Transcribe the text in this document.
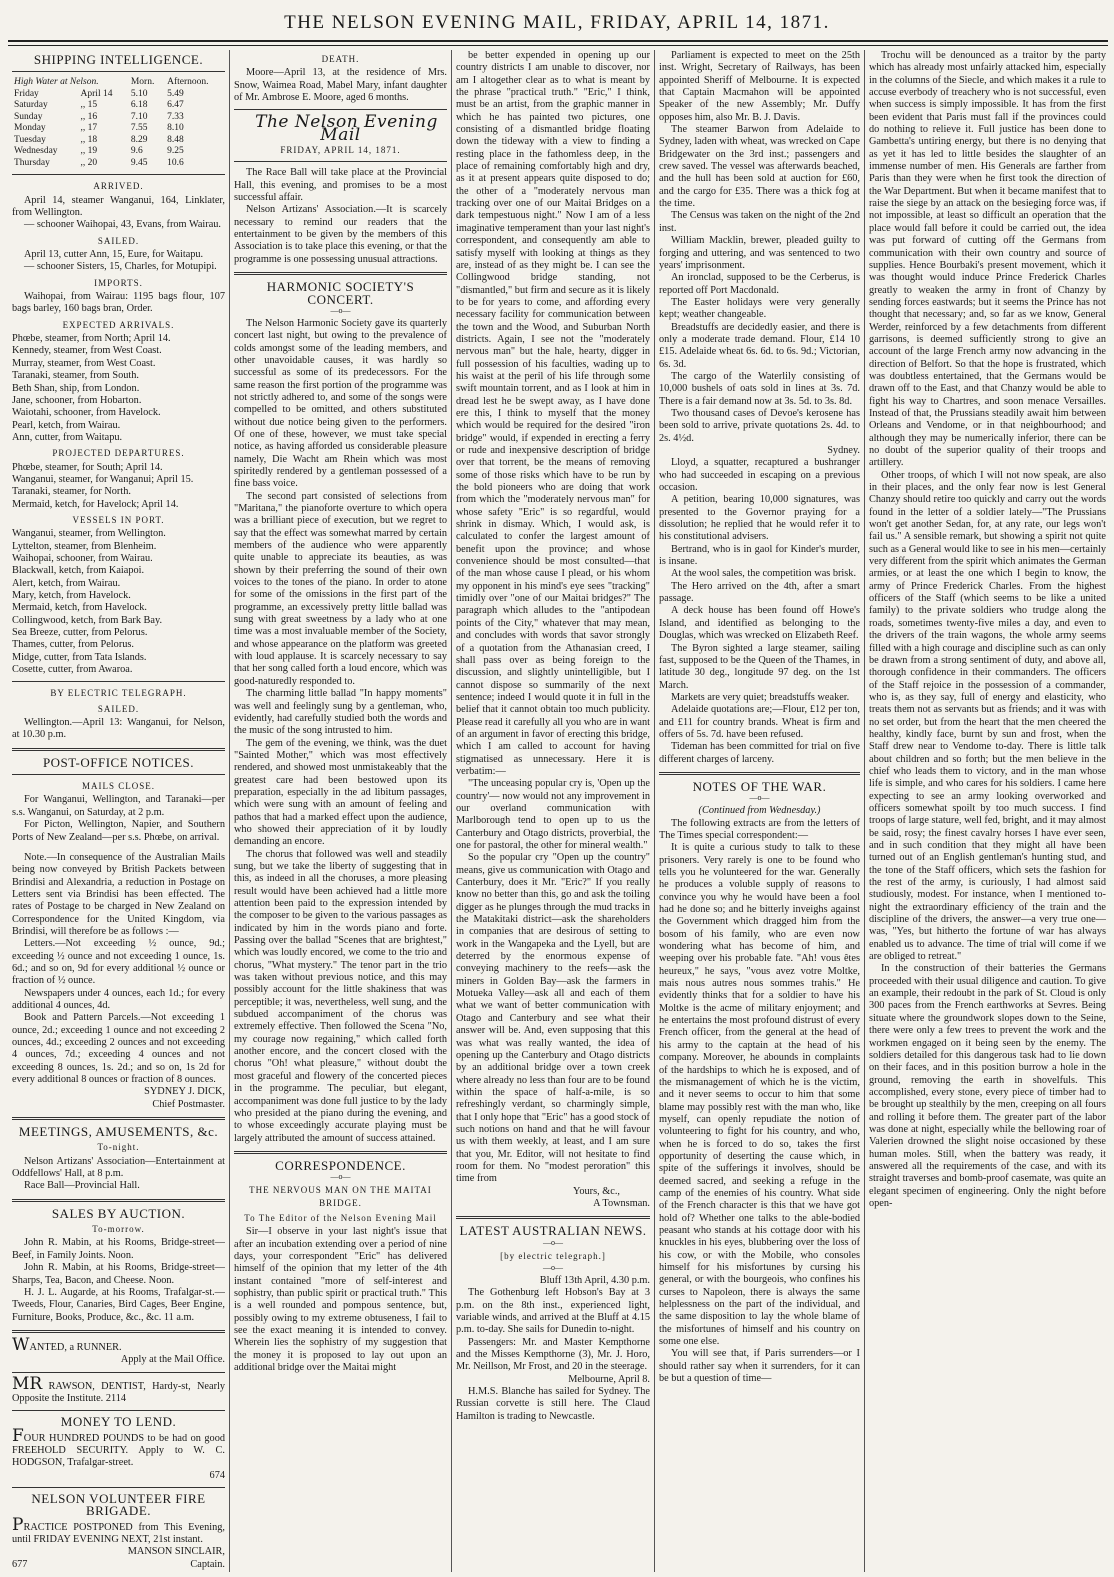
THE NELSON EVENING MAIL, FRIDAY, APRIL 14, 1871.

SHIPPING INTELLIGENCE.

High Water at Nelson.		Morn.	Afternoon.
Friday	April 14	5.10	5.49
Saturday	,, 15	6.18	6.47
Sunday	,, 16	7.10	7.33
Monday	,, 17	7.55	8.10
Tuesday	,, 18	8.29	8.48
Wednesday	,, 19	9.6	9.25
Thursday	,, 20	9.45	10.6

ARRIVED.

April 14, steamer Wanganui, 164, Linklater, from Wellington.

— schooner Waihopai, 43, Evans, from Wairau.

SAILED.

April 13, cutter Ann, 15, Eure, for Waitapu.

— schooner Sisters, 15, Charles, for Motupipi.

IMPORTS.

Waihopai, from Wairau: 1195 bags flour, 107 bags barley, 160 bags bran, Order.

EXPECTED ARRIVALS.

Phœbe, steamer, from North; April 14.

Kennedy, steamer, from West Coast.

Murray, steamer, from West Coast.

Taranaki, steamer, from South.

Beth Shan, ship, from London.

Jane, schooner, from Hobarton.

Waiotahi, schooner, from Havelock.

Pearl, ketch, from Wairau.

Ann, cutter, from Waitapu.

PROJECTED DEPARTURES.

Phœbe, steamer, for South; April 14.

Wanganui, steamer, for Wanganui; April 15.

Taranaki, steamer, for North.

Mermaid, ketch, for Havelock; April 14.

VESSELS IN PORT.

Wanganui, steamer, from Wellington.

Lyttelton, steamer, from Blenheim.

Waihopai, schooner, from Wairau.

Blackwall, ketch, from Kaiapoi.

Alert, ketch, from Wairau.

Mary, ketch, from Havelock.

Mermaid, ketch, from Havelock.

Collingwood, ketch, from Bark Bay.

Sea Breeze, cutter, from Pelorus.

Thames, cutter, from Pelorus.

Midge, cutter, from Tata Islands.

Cosette, cutter, from Awaroa.

BY ELECTRIC TELEGRAPH.

SAILED.

Wellington.—April 13: Wanganui, for Nelson, at 10.30 p.m.

POST-OFFICE NOTICES.

MAILS CLOSE.

For Wanganui, Wellington, and Taranaki—per s.s. Wanganui, on Saturday, at 2 p.m.

For Picton, Wellington, Napier, and Southern Ports of New Zealand—per s.s. Phœbe, on arrival.

Note.—In consequence of the Australian Mails being now conveyed by British Packets between Brindisi and Alexandria, a reduction in Postage on Letters sent via Brindisi has been effected. The rates of Postage to be charged in New Zealand on Correspondence for the United Kingdom, via Brindisi, will therefore be as follows :—

Letters.—Not exceeding ½ ounce, 9d.; exceeding ½ ounce and not exceeding 1 ounce, 1s. 6d.; and so on, 9d for every additional ½ ounce or fraction of ½ ounce.

Newspapers under 4 ounces, each 1d.; for every additional 4 ounces, 4d.

Book and Pattern Parcels.—Not exceeding 1 ounce, 2d.; exceeding 1 ounce and not exceeding 2 ounces, 4d.; exceeding 2 ounces and not exceeding 4 ounces, 7d.; exceeding 4 ounces and not exceeding 8 ounces, 1s. 2d.; and so on, 1s 2d for every additional 8 ounces or fraction of 8 ounces.

SYDNEY J. DICK,

Chief Postmaster.

MEETINGS, AMUSEMENTS, &c.

To-night.

Nelson Artizans' Association—Entertainment at Oddfellows' Hall, at 8 p.m.

Race Ball—Provincial Hall.

SALES BY AUCTION.

To-morrow.

John R. Mabin, at his Rooms, Bridge-street—Beef, in Family Joints. Noon.

John R. Mabin, at his Rooms, Bridge-street—Sharps, Tea, Bacon, and Cheese. Noon.

H. J. L. Augarde, at his Rooms, Trafalgar-st.—Tweeds, Flour, Canaries, Bird Cages, Beer Engine, Furniture, Books, Produce, &c., &c. 11 a.m.

WANTED, a RUNNER.

Apply at the Mail Office.

MR RAWSON, DENTIST, Hardy-st, Nearly Opposite the Institute. 2114

MONEY TO LEND.

FOUR HUNDRED POUNDS to be had on good FREEHOLD SECURITY. Apply to W. C. HODGSON, Trafalgar-street.

674

NELSON VOLUNTEER FIRE BRIGADE.

PRACTICE POSTPONED from This Evening, until FRIDAY EVENING NEXT, 21st instant.

MANSON SINCLAIR,

677	Captain.

DEATH.

Moore—April 13, at the residence of Mrs. Snow, Waimea Road, Mabel Mary, infant daughter of Mr. Ambrose E. Moore, aged 6 months.

The Nelson Evening Mail

FRIDAY, APRIL 14, 1871.

The Race Ball will take place at the Provincial Hall, this evening, and promises to be a most successful affair.

Nelson Artizans' Association.—It is scarcely necessary to remind our readers that the entertainment to be given by the members of this Association is to take place this evening, or that the programme is one possessing unusual attractions.

HARMONIC SOCIETY'S CONCERT.

—o—

The Nelson Harmonic Society gave its quarterly concert last night, but owing to the prevalence of colds amongst some of the leading members, and other unavoidable causes, it was hardly so successful as some of its predecessors. For the same reason the first portion of the programme was not strictly adhered to, and some of the songs were compelled to be omitted, and others substituted without due notice being given to the performers. Of one of these, however, we must take special notice, as having afforded us considerable pleasure namely, Die Wacht am Rhein which was most spiritedly rendered by a gentleman possessed of a fine bass voice.

The second part consisted of selections from "Maritana," the pianoforte overture to which opera was a brilliant piece of execution, but we regret to say that the effect was somewhat marred by certain members of the audience who were apparently quite unable to appreciate its beauties, as was shown by their preferring the sound of their own voices to the tones of the piano. In order to atone for some of the omissions in the first part of the programme, an excessively pretty little ballad was sung with great sweetness by a lady who at one time was a most invaluable member of the Society, and whose appearance on the platform was greeted with loud applause. It is scarcely necessary to say that her song called forth a loud encore, which was good-naturedly responded to.

The charming little ballad "In happy moments" was well and feelingly sung by a gentleman, who, evidently, had carefully studied both the words and the music of the song intrusted to him.

The gem of the evening, we think, was the duet "Sainted Mother," which was most effectively rendered, and showed most unmistakeably that the greatest care had been bestowed upon its preparation, especially in the ad libitum passages, which were sung with an amount of feeling and pathos that had a marked effect upon the audience, who showed their appreciation of it by loudly demanding an encore.

The chorus that followed was well and steadily sung, but we take the liberty of suggesting that in this, as indeed in all the choruses, a more pleasing result would have been achieved had a little more attention been paid to the expression intended by the composer to be given to the various passages as indicated by him in the words piano and forte. Passing over the ballad "Scenes that are brightest," which was loudly encored, we come to the trio and chorus, "What mystery." The tenor part in the trio was taken without previous notice, and this may possibly account for the little shakiness that was perceptible; it was, nevertheless, well sung, and the subdued accompaniment of the chorus was extremely effective. Then followed the Scena "No, my courage now regaining," which called forth another encore, and the concert closed with the chorus "Oh! what pleasure," without doubt the most graceful and flowery of the concerted pieces in the programme. The peculiar, but elegant, accompaniment was done full justice to by the lady who presided at the piano during the evening, and to whose exceedingly accurate playing must be largely attributed the amount of success attained.

CORRESPONDENCE.

—o—

THE NERVOUS MAN ON THE MAITAI BRIDGE.

To The Editor of the Nelson Evening Mail

Sir—I observe in your last night's issue that after an incubation extending over a period of nine days, your correspondent "Eric" has delivered himself of the opinion that my letter of the 4th instant contained "more of self-interest and sophistry, than public spirit or practical truth." This is a well rounded and pompous sentence, but, possibly owing to my extreme obtuseness, I fail to see the exact meaning it is intended to convey. Wherein lies the sophistry of my suggestion that the money it is proposed to lay out upon an additional bridge over the Maitai might

be better expended in opening up our country districts I am unable to discover, nor am I altogether clear as to what is meant by the phrase "practical truth." "Eric," I think, must be an artist, from the graphic manner in which he has painted two pictures, one consisting of a dismantled bridge floating down the tideway with a view to finding a resting place in the fathomless deep, in the place of remaining comfortably high and dry, as it at present appears quite disposed to do; the other of a "moderately nervous man tracking over one of our Maitai Bridges on a dark tempestuous night." Now I am of a less imaginative temperament than your last night's correspondent, and consequently am able to satisfy myself with looking at things as they are, instead of as they might be. I can see the Collingwood bridge standing, not "dismantled," but firm and secure as it is likely to be for years to come, and affording every necessary facility for communication between the town and the Wood, and Suburban North districts. Again, I see not the "moderately nervous man" but the hale, hearty, digger in full possession of his faculties, wading up to his waist at the peril of his life through some swift mountain torrent, and as I look at him in dread lest he be swept away, as I have done ere this, I think to myself that the money which would be required for the desired "iron bridge" would, if expended in erecting a ferry or rude and inexpensive description of bridge over that torrent, be the means of removing some of those risks which have to be run by the bold pioneers who are doing that work from which the "moderately nervous man" for whose safety "Eric" is so regardful, would shrink in dismay. Which, I would ask, is calculated to confer the largest amount of benefit upon the province; and whose convenience should be most consulted—that of the man whose cause I plead, or his whom my opponent in his mind's eye sees "tracking" timidly over "one of our Maitai bridges?" The paragraph which alludes to the "antipodean points of the City," whatever that may mean, and concludes with words that savor strongly of a quotation from the Athanasian creed, I shall pass over as being foreign to the discussion, and slightly unintelligible, but I cannot dispose so summarily of the next sentence; indeed I would quote it in full in the belief that it cannot obtain too much publicity. Please read it carefully all you who are in want of an argument in favor of erecting this bridge, which I am called to account for having stigmatised as unnecessary. Here it is verbatim:—

"The unceasing popular cry is, 'Open up the country'— now would not any improvement in our overland communication with Marlborough tend to open up to us the Canterbury and Otago districts, proverbial, the one for pastoral, the other for mineral wealth."

So the popular cry "Open up the country" means, give us communication with Otago and Canterbury, does it Mr. "Eric?" If you really know no better than this, go and ask the toiling digger as he plunges through the mud tracks in the Matakitaki district—ask the shareholders in companies that are desirous of setting to work in the Wangapeka and the Lyell, but are deterred by the enormous expense of conveying machinery to the reefs—ask the miners in Golden Bay—ask the farmers in Motueka Valley—ask all and each of them what we want of better communication with Otago and Canterbury and see what their answer will be. And, even supposing that this was what was really wanted, the idea of opening up the Canterbury and Otago districts by an additional bridge over a town creek where already no less than four are to be found within the space of half-a-mile, is so refreshingly verdant, so charmingly simple, that I only hope that "Eric" has a good stock of such notions on hand and that he will favour us with them weekly, at least, and I am sure that you, Mr. Editor, will not hesitate to find room for them. No "modest peroration" this time from

Yours, &c.,

A Townsman.

LATEST AUSTRALIAN NEWS.

—o—

[by electric telegraph.]

—o—

Bluff 13th April, 4.30 p.m.

The Gothenburg left Hobson's Bay at 3 p.m. on the 8th inst., experienced light, variable winds, and arrived at the Bluff at 4.15 p.m. to-day. She sails for Dunedin to-night.

Passengers: Mr. and Master Kempthorne and the Misses Kempthorne (3), Mr. J. Horo, Mr. Neillson, Mr Frost, and 20 in the steerage.

Melbourne, April 8.

H.M.S. Blanche has sailed for Sydney. The Russian corvette is still here. The Claud Hamilton is trading to Newcastle.

Parliament is expected to meet on the 25th inst. Wright, Secretary of Railways, has been appointed Sheriff of Melbourne. It is expected that Captain Macmahon will be appointed Speaker of the new Assembly; Mr. Duffy opposes him, also Mr. B. J. Davis.

The steamer Barwon from Adelaide to Sydney, laden with wheat, was wrecked on Cape Bridgewater on the 3rd inst.; passengers and crew saved. The vessel was afterwards beached, and the hull has been sold at auction for £60, and the cargo for £35. There was a thick fog at the time.

The Census was taken on the night of the 2nd inst.

William Macklin, brewer, pleaded guilty to forging and uttering, and was sentenced to two years' imprisonment.

An ironclad, supposed to be the Cerberus, is reported off Port Macdonald.

The Easter holidays were very generally kept; weather changeable.

Breadstuffs are decidedly easier, and there is only a moderate trade demand. Flour, £14 10 £15. Adelaide wheat 6s. 6d. to 6s. 9d.; Victorian, 6s. 3d.

The cargo of the Waterlily consisting of 10,000 bushels of oats sold in lines at 3s. 7d. There is a fair demand now at 3s. 5d. to 3s. 8d.

Two thousand cases of Devoe's kerosene has been sold to arrive, private quotations 2s. 4d. to 2s. 4½d.

Sydney.

Lloyd, a squatter, recaptured a bushranger who had succeeded in escaping on a previous occasion.

A petition, bearing 10,000 signatures, was presented to the Governor praying for a dissolution; he replied that he would refer it to his constitutional advisers.

Bertrand, who is in gaol for Kinder's murder, is insane.

At the wool sales, the competition was brisk.

The Hero arrived on the 4th, after a smart passage.

A deck house has been found off Howe's Island, and identified as belonging to the Douglas, which was wrecked on Elizabeth Reef.

The Byron sighted a large steamer, sailing fast, supposed to be the Queen of the Thames, in latitude 30 deg., longitude 97 deg. on the 1st March.

Markets are very quiet; breadstuffs weaker.

Adelaide quotations are;—Flour, £12 per ton, and £11 for country brands. Wheat is firm and offers of 5s. 7d. have been refused.

Tideman has been committed for trial on five different charges of larceny.

NOTES OF THE WAR.

—o—

(Continued from Wednesday.)

The following extracts are from the letters of The Times special correspondent:—

It is quite a curious study to talk to these prisoners. Very rarely is one to be found who tells you he volunteered for the war. Generally he produces a voluble supply of reasons to convince you why he would have been a fool had he done so; and he bitterly inveighs against the Government which dragged him from the bosom of his family, who are even now wondering what has become of him, and weeping over his probable fate. "Ah! vous êtes heureux," he says, "vous avez votre Moltke, mais nous autres nous sommes trahis." He evidently thinks that for a soldier to have his Moltke is the acme of military enjoyment; and he entertains the most profound distrust of every French officer, from the general at the head of his army to the captain at the head of his company. Moreover, he abounds in complaints of the hardships to which he is exposed, and of the mismanagement of which he is the victim, and it never seems to occur to him that some blame may possibly rest with the man who, like myself, can openly repudiate the notion of volunteering to fight for his country, and who, when he is forced to do so, takes the first opportunity of deserting the cause which, in spite of the sufferings it involves, should be deemed sacred, and seeking a refuge in the camp of the enemies of his country. What side of the French character is this that we have got hold of? Whether one talks to the able-bodied peasant who stands at his cottage door with his knuckles in his eyes, blubbering over the loss of his cow, or with the Mobile, who consoles himself for his misfortunes by cursing his general, or with the bourgeois, who confines his curses to Napoleon, there is always the same helplessness on the part of the individual, and the same disposition to lay the whole blame of the misfortunes of himself and his country on some one else.

You will see that, if Paris surrenders—or I should rather say when it surrenders, for it can be but a question of time—

Trochu will be denounced as a traitor by the party which has already most unfairly attacked him, especially in the columns of the Siecle, and which makes it a rule to accuse everbody of treachery who is not successful, even when success is simply impossible. It has from the first been evident that Paris must fall if the provinces could do nothing to relieve it. Full justice has been done to Gambetta's untiring energy, but there is no denying that as yet it has led to little besides the slaughter of an immense number of men. His Generals are farther from Paris than they were when he first took the direction of the War Department. But when it became manifest that to raise the siege by an attack on the besieging force was, if not impossible, at least so difficult an operation that the place would fall before it could be carried out, the idea was put forward of cutting off the Germans from communication with their own country and source of supplies. Hence Bourbaki's present movement, which it was thought would induce Prince Frederick Charles greatly to weaken the army in front of Chanzy by sending forces eastwards; but it seems the Prince has not thought that necessary; and, so far as we know, General Werder, reinforced by a few detachments from different garrisons, is deemed sufficiently strong to give an account of the large French army now advancing in the direction of Belfort. So that the hope is frustrated, which was doubtless entertained, that the Germans would be drawn off to the East, and that Chanzy would be able to fight his way to Chartres, and soon menace Versailles. Instead of that, the Prussians steadily await him between Orleans and Vendome, or in that neighbourhood; and although they may be numerically inferior, there can be no doubt of the superior quality of their troops and artillery.

Other troops, of which I will not now speak, are also in their places, and the only fear now is lest General Chanzy should retire too quickly and carry out the words found in the letter of a soldier lately—"The Prussians won't get another Sedan, for, at any rate, our legs won't fail us." A sensible remark, but showing a spirit not quite such as a General would like to see in his men—certainly very different from the spirit which animates the German armies, or at least the one which I begin to know, the army of Prince Frederick Charles. From the highest officers of the Staff (which seems to be like a united family) to the private soldiers who trudge along the roads, sometimes twenty-five miles a day, and even to the drivers of the train wagons, the whole army seems filled with a high courage and discipline such as can only be drawn from a strong sentiment of duty, and above all, thorough confidence in their commanders. The officers of the Staff rejoice in the possession of a commander, who is, as they say, full of energy and elasticity, who treats them not as servants but as friends; and it was with no set order, but from the heart that the men cheered the healthy, kindly face, burnt by sun and frost, when the Staff drew near to Vendome to-day. There is little talk about children and so forth; but the men believe in the chief who leads them to victory, and in the man whose life is simple, and who cares for his soldiers. I came here expecting to see an army looking overworked and officers somewhat spoilt by too much success. I find troops of large stature, well fed, bright, and it may almost be said, rosy; the finest cavalry horses I have ever seen, and in such condition that they might all have been turned out of an English gentleman's hunting stud, and the tone of the Staff officers, which sets the fashion for the rest of the army, is curiously, I had almost said studiously, modest. For instance, when I mentioned to-night the extraordinary efficiency of the train and the discipline of the drivers, the answer—a very true one—was, "Yes, but hitherto the fortune of war has always enabled us to advance. The time of trial will come if we are obliged to retreat."

In the construction of their batteries the Germans proceeded with their usual diligence and caution. To give an example, their redoubt in the park of St. Cloud is only 300 paces from the French earthworks at Sevres. Being situate where the groundwork slopes down to the Seine, there were only a few trees to prevent the work and the workmen engaged on it being seen by the enemy. The soldiers detailed for this dangerous task had to lie down on their faces, and in this position burrow a hole in the ground, removing the earth in shovelfuls. This accomplished, every stone, every piece of timber had to be brought up stealthily by the men, creeping on all fours and rolling it before them. The greater part of the labor was done at night, especially while the bellowing roar of Valerien drowned the slight noise occasioned by these human moles. Still, when the battery was ready, it answered all the requirements of the case, and with its straight traverses and bomb-proof casemate, was quite an elegant specimen of engineering. Only the night before open-
